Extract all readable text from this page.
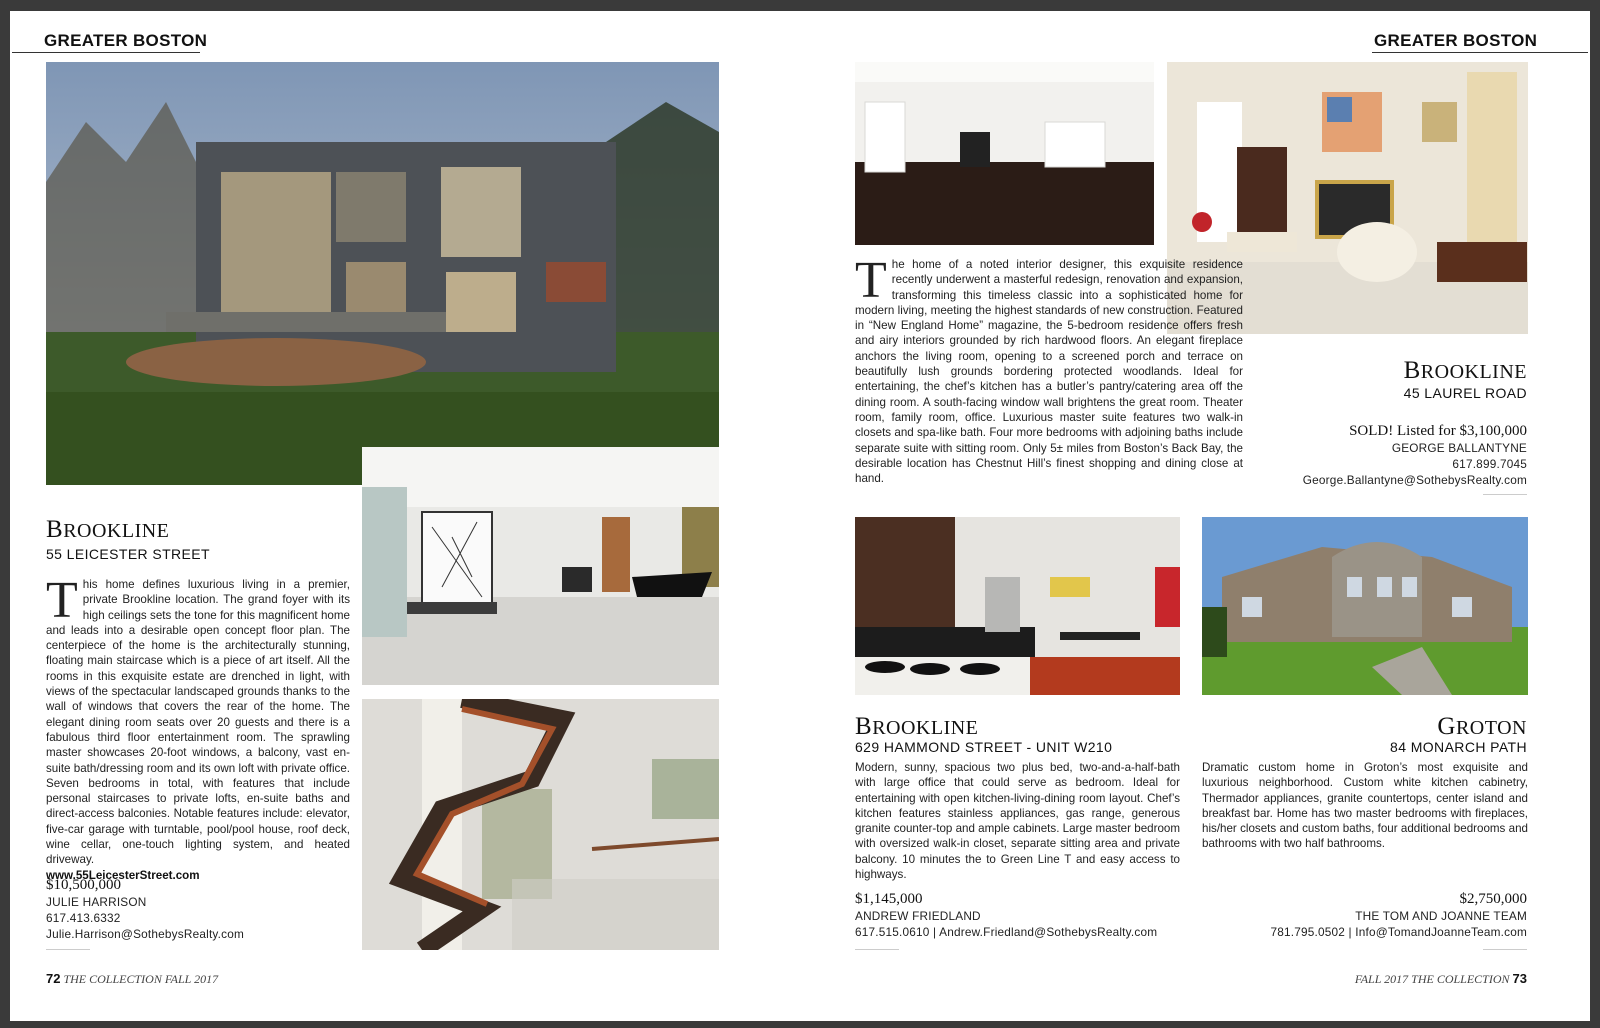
GREATER BOSTON
BROOKLINE
55 LEICESTER STREET
This home defines luxurious living in a premier, private Brookline location. The grand foyer with its high ceilings sets the tone for this magnificent home and leads into a desirable open concept floor plan. The centerpiece of the home is the architecturally stunning, floating main staircase which is a piece of art itself. All the rooms in this exquisite estate are drenched in light, with views of the spectacular landscaped grounds thanks to the wall of windows that covers the rear of the home. The elegant dining room seats over 20 guests and there is a fabulous third floor entertainment room. The sprawling master showcases 20-foot windows, a balcony, vast en-suite bath/dressing room and its own loft with private office. Seven bedrooms in total, with features that include personal staircases to private lofts, en-suite baths and direct-access balconies. Notable features include: elevator, five-car garage with turntable, pool/pool house, roof deck, wine cellar, one-touch lighting system, and heated driveway.
www.55LeicesterStreet.com
$10,500,000
JULIE HARRISON
617.413.6332
Julie.Harrison@SothebysRealty.com
72 THE COLLECTION FALL 2017
GREATER BOSTON
The home of a noted interior designer, this exquisite residence recently underwent a masterful redesign, renovation and expansion, transforming this timeless classic into a sophisticated home for modern living, meeting the highest standards of new construction. Featured in “New England Home” magazine, the 5-bedroom residence offers fresh and airy interiors grounded by rich hardwood floors. An elegant fireplace anchors the living room, opening to a screened porch and terrace on beautifully lush grounds bordering protected woodlands. Ideal for entertaining, the chef’s kitchen has a butler’s pantry/catering area off the dining room. A south-facing window wall brightens the great room. Theater room, family room, office. Luxurious master suite features two walk-in closets and spa-like bath. Four more bedrooms with adjoining baths include separate suite with sitting room. Only 5± miles from Boston’s Back Bay, the desirable location has Chestnut Hill’s finest shopping and dining close at hand.
BROOKLINE
45 LAUREL ROAD
SOLD! Listed for $3,100,000
GEORGE BALLANTYNE
617.899.7045
George.Ballantyne@SothebysRealty.com
BROOKLINE
629 HAMMOND STREET - UNIT W210
Modern, sunny, spacious two plus bed, two-and-a-half-bath with large office that could serve as bedroom. Ideal for entertaining with open kitchen-living-dining room layout. Chef’s kitchen features stainless appliances, gas range, generous granite counter-top and ample cabinets. Large master bedroom with oversized walk-in closet, separate sitting area and private balcony. 10 minutes the to Green Line T and easy access to highways.
$1,145,000
ANDREW FRIEDLAND
617.515.0610 | Andrew.Friedland@SothebysRealty.com
GROTON
84 MONARCH PATH
Dramatic custom home in Groton’s most exquisite and luxurious neighborhood. Custom white kitchen cabinetry, Thermador appliances, granite countertops, center island and breakfast bar. Home has two master bedrooms with fireplaces, his/her closets and custom baths, four additional bedrooms and bathrooms with two half bathrooms.
$2,750,000
THE TOM AND JOANNE TEAM
781.795.0502 | Info@TomandJoanneTeam.com
FALL 2017 THE COLLECTION 73
